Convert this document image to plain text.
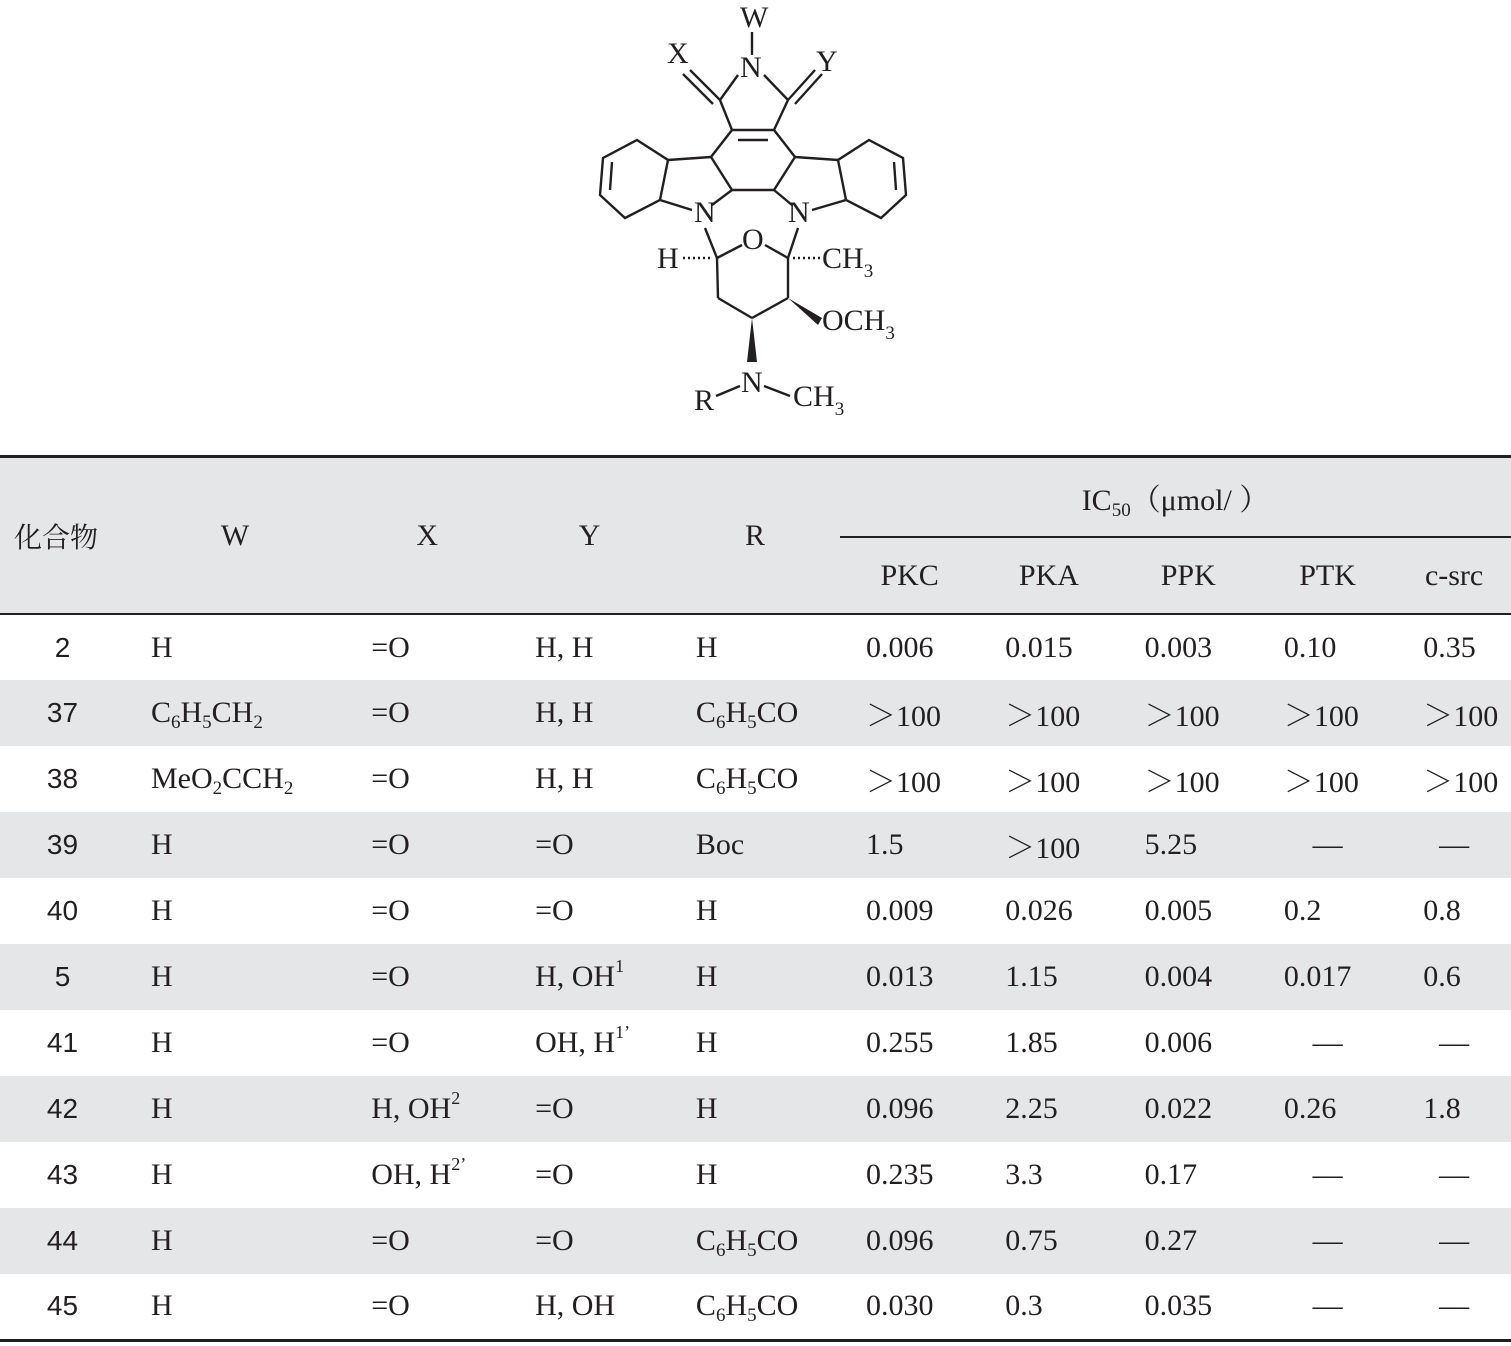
W
X N Y
N N
O
H	$CH_3$
$OCH_3$
N
R	$CH_3$
化合物	W	X	Y	R	$IC_{50}(\mu mol/$ ）				
					PKC	PKA	PPK	PTK	c-src
2	H	=O	H, H	H	0.006	0.015	0.003	0.10	0.35
37	$C_6H_5CH_2$	=O	H, H	$C_6H_5CO$	＞100	＞100	＞100	＞100	＞100
38	$MeO_2CCH_2$	=O	H, H	$C_6H_5CO$	＞100	＞100	＞100	＞100	＞100
39	H	=O	=O	Boc	1.5	＞100	5.25	—	—
40	H	=O	=O	H	0.009	0.026	0.005	0.2	0.8
5	H	=O	H, $OH^1$	H	0.013	1.15	0.004	0.017	0.6
41	H	=O	OH, $H^{1’}$	H	0.255	1.85	0.006	—	—
42	H	H, $OH^2$	=O	H	0.096	2.25	0.022	0.26	1.8
43	H	OH, $H^{2’}$	=O	H	0.235	3.3	0.17	—	—
44	H	=O	=O	$C_6H_5CO$	0.096	0.75	0.27	—	—
45	H	=O	H, OH	$C_6H_5CO$	0.030	0.3	0.035	—	—
